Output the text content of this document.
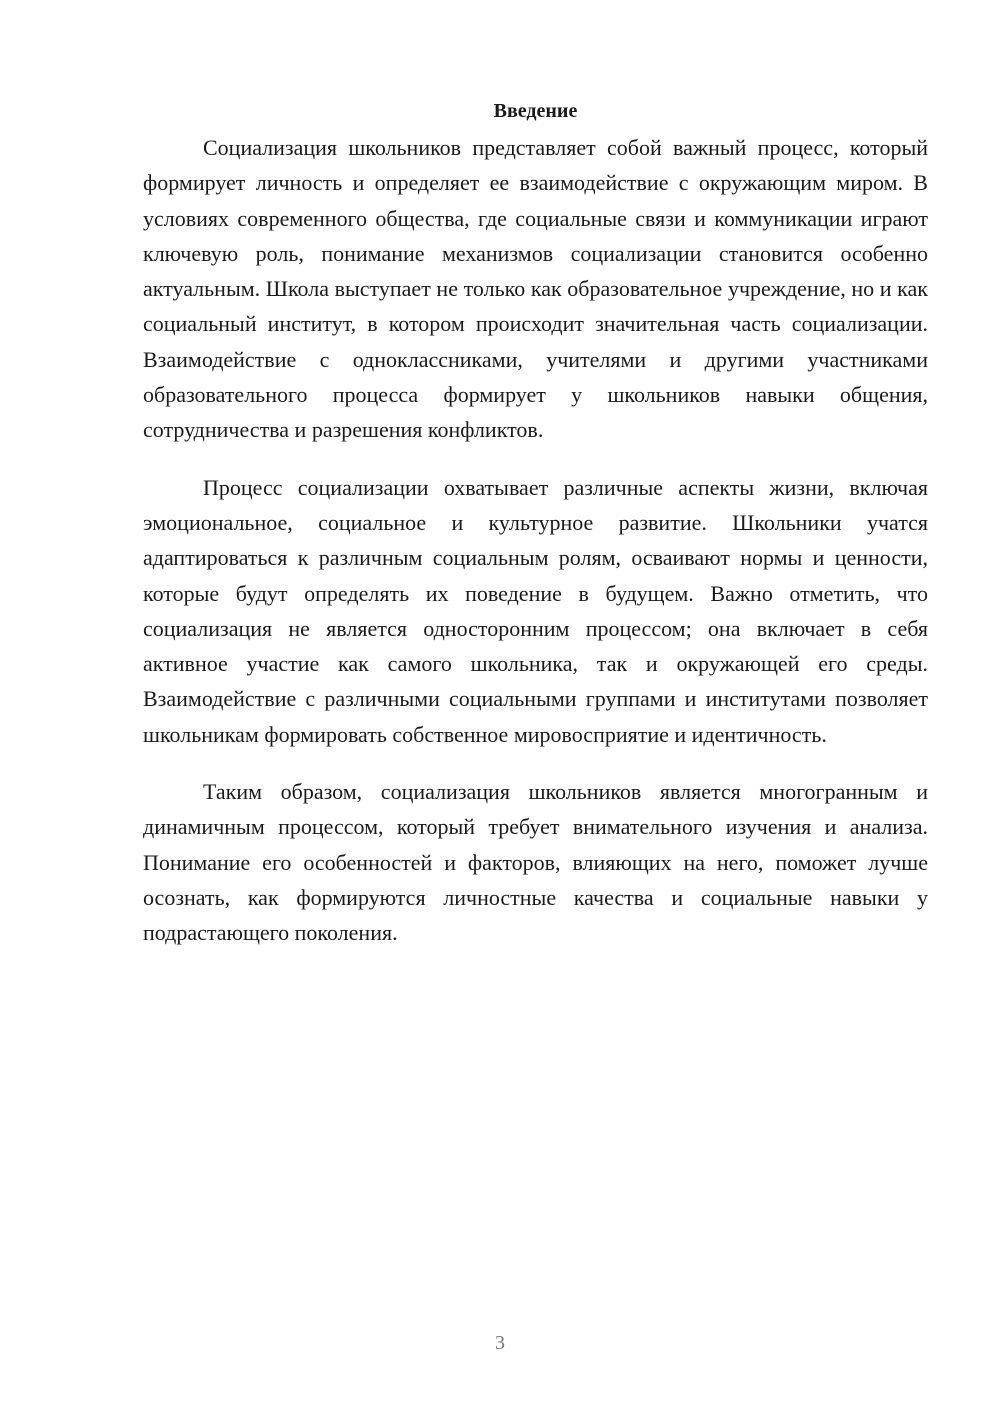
Введение

Социализация школьников представляет собой важный процесс, который формирует личность и определяет ее взаимодействие с окружающим миром. В условиях современного общества, где социальные связи и коммуникации играют ключевую роль, понимание механизмов социализации становится особенно актуальным. Школа выступает не только как образовательное учреждение, но и как социальный институт, в котором происходит значительная часть социализации. Взаимодействие с одноклассниками, учителями и другими участниками образовательного процесса формирует у школьников навыки общения, сотрудничества и разрешения конфликтов.

Процесс социализации охватывает различные аспекты жизни, включая эмоциональное, социальное и культурное развитие. Школьники учатся адаптироваться к различным социальным ролям, осваивают нормы и ценности, которые будут определять их поведение в будущем. Важно отметить, что социализация не является односторонним процессом; она включает в себя активное участие как самого школьника, так и окружающей его среды. Взаимодействие с различными социальными группами и институтами позволяет школьникам формировать собственное мировосприятие и идентичность.

Таким образом, социализация школьников является многогранным и динамичным процессом, который требует внимательного изучения и анализа. Понимание его особенностей и факторов, влияющих на него, поможет лучше осознать, как формируются личностные качества и социальные навыки у подрастающего поколения.

3
